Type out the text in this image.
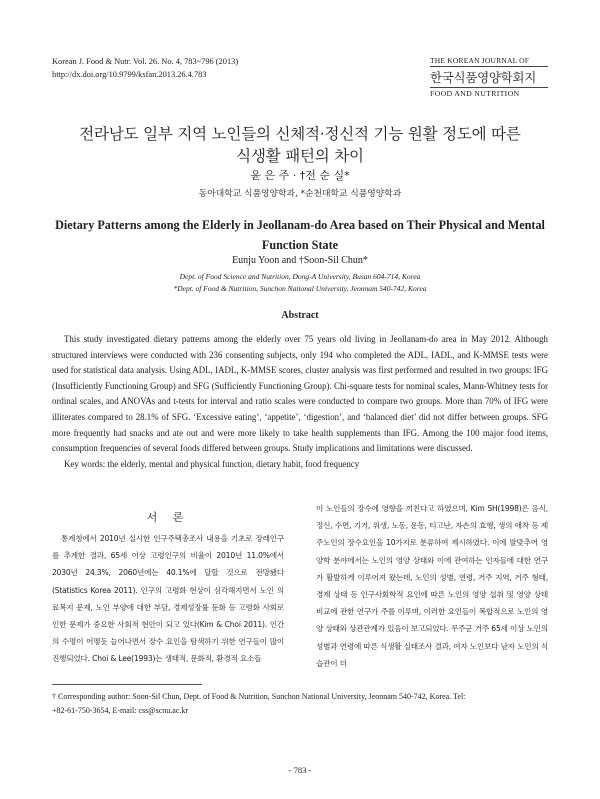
Korean J. Food & Nutr. Vol. 26. No. 4, 783~796 (2013)
http://dx.doi.org/10.9799/ksfan.2013.26.4.783
THE KOREAN JOURNAL OF
한국식품영양학회지
FOOD AND NUTRITION
전라남도 일부 지역 노인들의 신체적·정신적 기능 원활 정도에 따른
식생활 패턴의 차이
윤 은 주 · †전 순 실*
동아대학교 식품영양학과, *순천대학교 식품영양학과
Dietary Patterns among the Elderly in Jeollanam-do Area based on Their Physical and Mental Function State
Eunju Yoon and †Soon-Sil Chun*
Dept. of Food Science and Nutrition, Dong-A University, Busan 604-714, Korea
*Dept. of Food & Nutrition, Sunchon National University, Jeonnam 540-742, Korea
Abstract

This study investigated dietary patterns among the elderly over 75 years old living in Jeollanam-do area in May 2012. Although structured interviews were conducted with 236 consenting subjects, only 194 who completed the ADL, IADL, and K-MMSE tests were used for statistical data analysis. Using ADL, IADL, K-MMSE scores, cluster analysis was first performed and resulted in two groups: IFG (Insufficiently Functioning Group) and SFG (Sufficiently Functioning Group). Chi-square tests for nominal scales, Mann-Whitney tests for ordinal scales, and ANOVAs and t-tests for interval and ratio scales were conducted to compare two groups. More than 70% of IFG were illiterates compared to 28.1% of SFG. ‘Excessive eating’, ‘appetite’, ‘digestion’, and ‘balanced diet’ did not differ between groups. SFG more frequently had snacks and ate out and were more likely to take health supplements than IFG. Among the 100 major food items, consumption frequencies of several foods differed between groups. Study implications and limitations were discussed.

Key words: the elderly, mental and physical function, dietary habit, food frequency

서 론

통계청에서 2010년 실시한 인구주택총조사 내용을 기초로 장래인구를 추계한 결과, 65세 이상 고령인구의 비율이 2010년 11.0%에서 2030년 24.3%, 2060년에는 40.1%에 달할 것으로 전망됐다(Statistics Korea 2011). 인구의 고령화 현상이 심각해지면서 노인 의료복지 문제, 노인 부양에 대한 부담, 경제성장률 둔화 등 고령화 사회로 인한 문제가 중요한 사회적 현안이 되고 있다(Kim & Choi 2011). 인간의 수명이 어떻듯 늘어나면서 장수 요인을 탐색하기 위한 연구들이 많이 진행되었다. Choi & Lee(1993)는 생태적, 문화적, 환경적 요소들

이 노인들의 장수에 영향을 끼친다고 하였으며, Kim SH(1998)은 음식, 정신, 수면, 기거, 위생, 노동, 운동, 티고난, 자손의 효행, 생의 애착 등 제주노인의 장수요인을 10가지로 분류하여 제시하였다. 이에 발맞추어 영양학 분야에서는 노인의 영양 상태와 이에 관여하는 인자들에 대한 연구가 활발하게 이루어져 왔는데, 노인의 성별, 연령, 거주 지역, 거주 형태, 경제 상태 등 인구사회학적 요인에 따른 노인의 영양 섭취 및 영양 상태 비교에 관한 연구가 주를 이루며, 이러한 요인들이 복합적으로 노인의 영양 상태와 상관관계가 있음이 보고되었다. 무주군 거주 65세 이상 노인의 성별과 연령에 따른 식생활 실태조사 결과, 여자 노인보다 남자 노인의 식습관이 더

† Corresponding author: Soon-Sil Chun, Dept. of Food & Nutrition, Sunchon National University, Jeonnam 540-742, Korea. Tel:
+82-61-750-3654, E-mail: css@scnu.ac.kr
- 783 -
